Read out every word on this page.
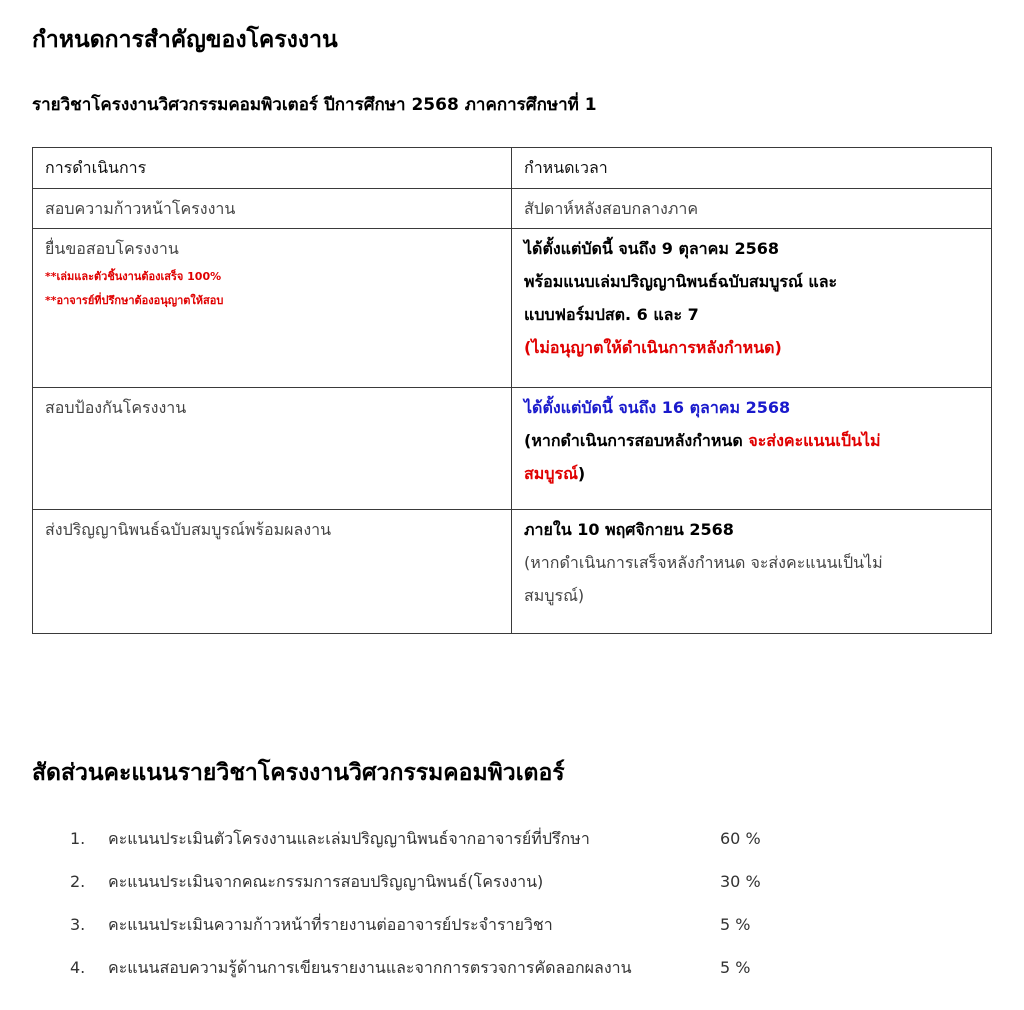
กำหนดการสำคัญของโครงงาน
รายวิชาโครงงานวิศวกรรมคอมพิวเตอร์ ปีการศึกษา 2568 ภาคการศึกษาที่ 1
การดำเนินการ	กำหนดเวลา
สอบความก้าวหน้าโครงงาน	สัปดาห์หลังสอบกลางภาค

ยื่นขอสอบโครงงาน
**เล่มและตัวชิ้นงานต้องเสร็จ 100%
**อาจารย์ที่ปรึกษาต้องอนุญาตให้สอบ	ได้ตั้งแต่บัดนี้ จนถึง 9 ตุลาคม 2568
พร้อมแนบเล่มปริญญานิพนธ์ฉบับสมบูรณ์ และ
แบบฟอร์มปสต. 6 และ 7
(ไม่อนุญาตให้ดำเนินการหลังกำหนด)

สอบป้องกันโครงงาน	ได้ตั้งแต่บัดนี้ จนถึง 16 ตุลาคม 2568
(หากดำเนินการสอบหลังกำหนด จะส่งคะแนนเป็นไม่
สมบูรณ์)

ส่งปริญญานิพนธ์ฉบับสมบูรณ์พร้อมผลงาน	ภายใน 10 พฤศจิกายน 2568
(หากดำเนินการเสร็จหลังกำหนด จะส่งคะแนนเป็นไม่
สมบูรณ์)
สัดส่วนคะแนนรายวิชาโครงงานวิศวกรรมคอมพิวเตอร์
1.	คะแนนประเมินตัวโครงงานและเล่มปริญญานิพนธ์จากอาจารย์ที่ปรึกษา	60 %
2.	คะแนนประเมินจากคณะกรรมการสอบปริญญานิพนธ์(โครงงาน)	30 %
3.	คะแนนประเมินความก้าวหน้าที่รายงานต่ออาจารย์ประจำรายวิชา	5 %
4.	คะแนนสอบความรู้ด้านการเขียนรายงานและจากการตรวจการคัดลอกผลงาน	5 %
